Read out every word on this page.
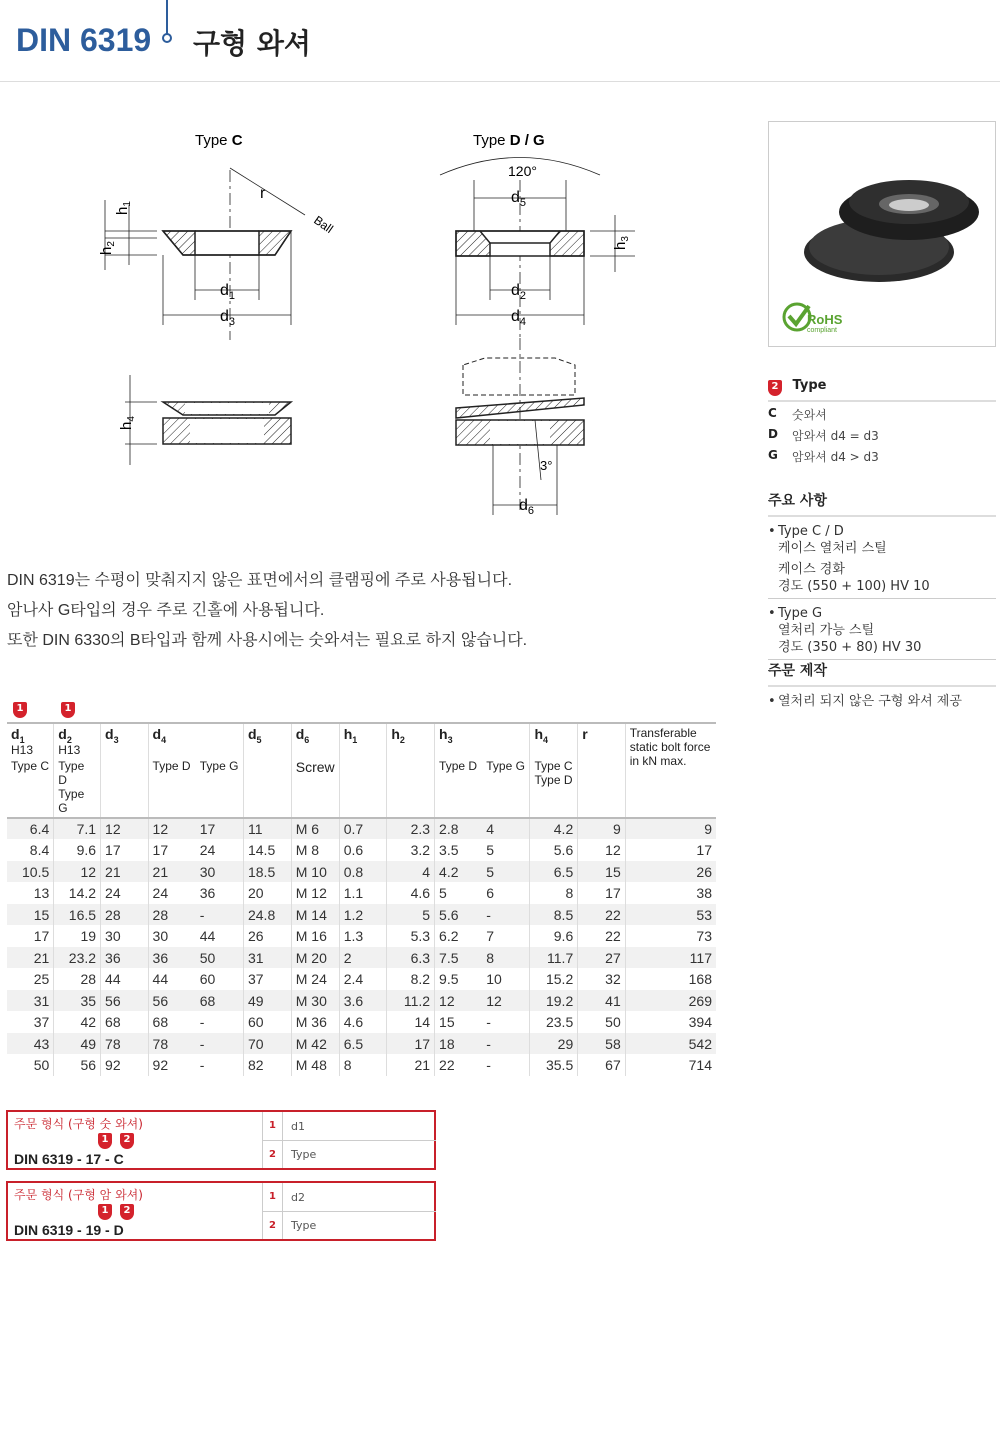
DIN 6319 구형 와셔
Type C	Type D / G
$d_1$
$d_3$
r
Ball
$h_2$
$h_1$
120°
$d_5$
$d_2$
$d_4$
$h_3$
$h_4$
3°
$d_6$
RoHS
compliant
2 Type
C	숫와셔
D	암와셔 d4 = d3
G	암와셔 d4 > d3
주요 사항
• Type C / D
케이스 열처리 스틸
케이스 경화
경도 (550 + 100) HV 10
• Type G
열처리 가능 스틸
경도 (350 + 80) HV 30
주문 제작
• 열처리 되지 않은 구형 와셔 제공
DIN 6319는 수평이 맞춰지지 않은 표면에서의 클램핑에 주로 사용됩니다.
암나사 G타입의 경우 주로 긴홀에 사용됩니다.
또한 DIN 6330의 B타입과 함께 사용시에는 숫와셔는 필요로 하지 않습니다.
1	1
$d_1$
H13	$d_2$
H13	$d_3$	$d_4$		$d_5$	$d_6$	$h_1$	$h_2$	$h_3$		$h_4$	r	Transferable static bolt force in kN max.
Type C	Type D Type G		Type D	Type G		Screw			Type D	Type G	Type C Type D		
6.4	7.1	12	12	17	11	M 6	0.7	2.3	2.8	4	4.2	9	9
8.4	9.6	17	17	24	14.5	M 8	0.6	3.2	3.5	5	5.6	12	17
10.5	12	21	21	30	18.5	M 10	0.8	4	4.2	5	6.5	15	26
13	14.2	24	24	36	20	M 12	1.1	4.6	5	6	8	17	38
15	16.5	28	28	-	24.8	M 14	1.2	5	5.6	-	8.5	22	53
17	19	30	30	44	26	M 16	1.3	5.3	6.2	7	9.6	22	73
21	23.2	36	36	50	31	M 20	2	6.3	7.5	8	11.7	27	117
25	28	44	44	60	37	M 24	2.4	8.2	9.5	10	15.2	32	168
31	35	56	56	68	49	M 30	3.6	11.2	12	12	19.2	41	269
37	42	68	68	-	60	M 36	4.6	14	15	-	23.5	50	394
43	49	78	78	-	70	M 42	6.5	17	18	-	29	58	542
50	56	92	92	-	82	M 48	8	21	22	-	35.5	67	714
주문 형식 (구형 숫 와셔)
1	2
DIN 6319 - 17 - C
1	d1
2	Type
주문 형식 (구형 암 와셔)
1	2
DIN 6319 - 19 - D
1	d2
2	Type
